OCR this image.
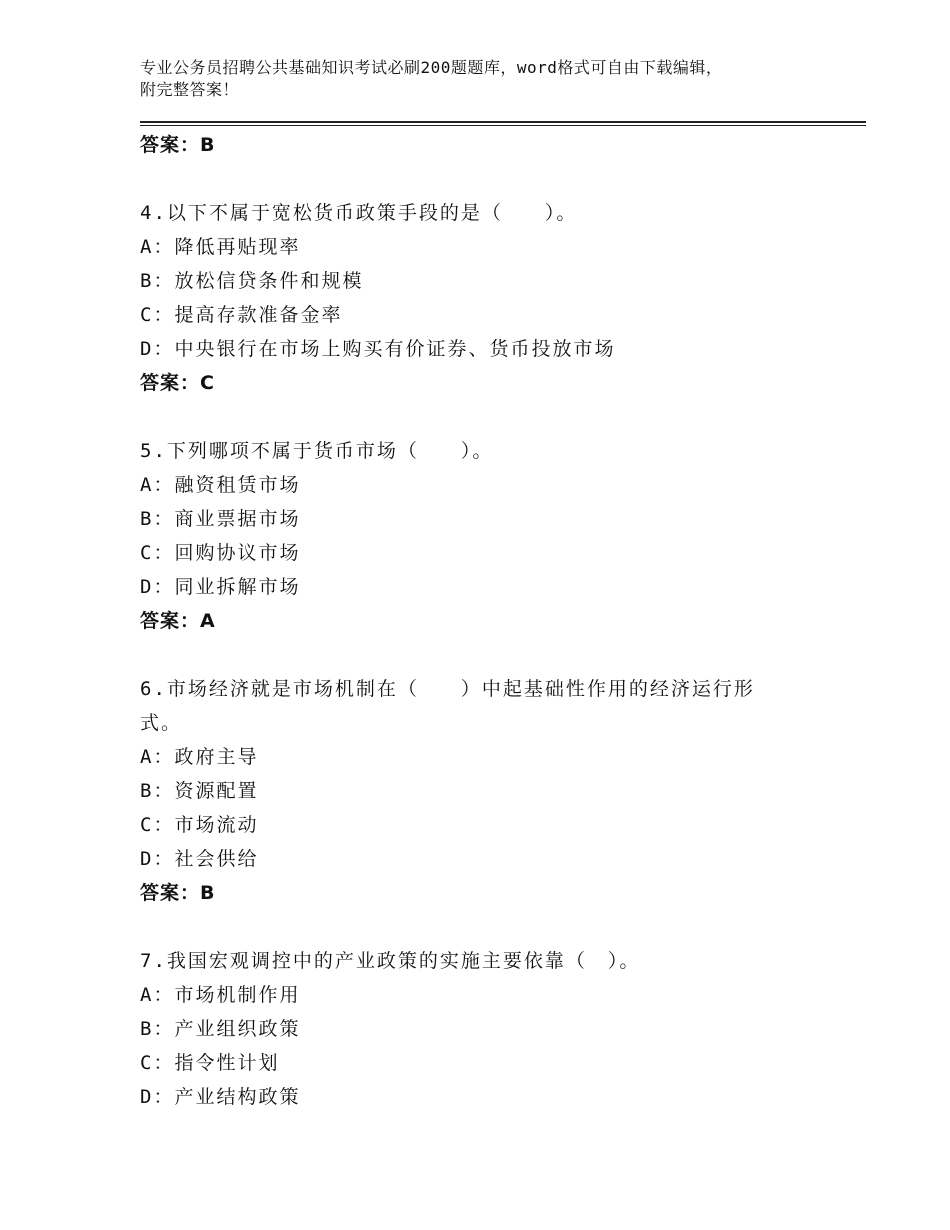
专业公务员招聘公共基础知识考试必刷200题题库，word格式可自由下载编辑，
附完整答案！
答案：B
4.以下不属于宽松货币政策手段的是（　　）。
A：降低再贴现率
B：放松信贷条件和规模
C：提高存款准备金率
D：中央银行在市场上购买有价证券、货币投放市场
答案：C
5.下列哪项不属于货币市场（　　）。
A：融资租赁市场
B：商业票据市场
C：回购协议市场
D：同业拆解市场
答案：A
6.市场经济就是市场机制在（　　）中起基础性作用的经济运行形
式。
A：政府主导
B：资源配置
C：市场流动
D：社会供给
答案：B
7.我国宏观调控中的产业政策的实施主要依靠（　）。
A：市场机制作用
B：产业组织政策
C：指令性计划
D：产业结构政策
